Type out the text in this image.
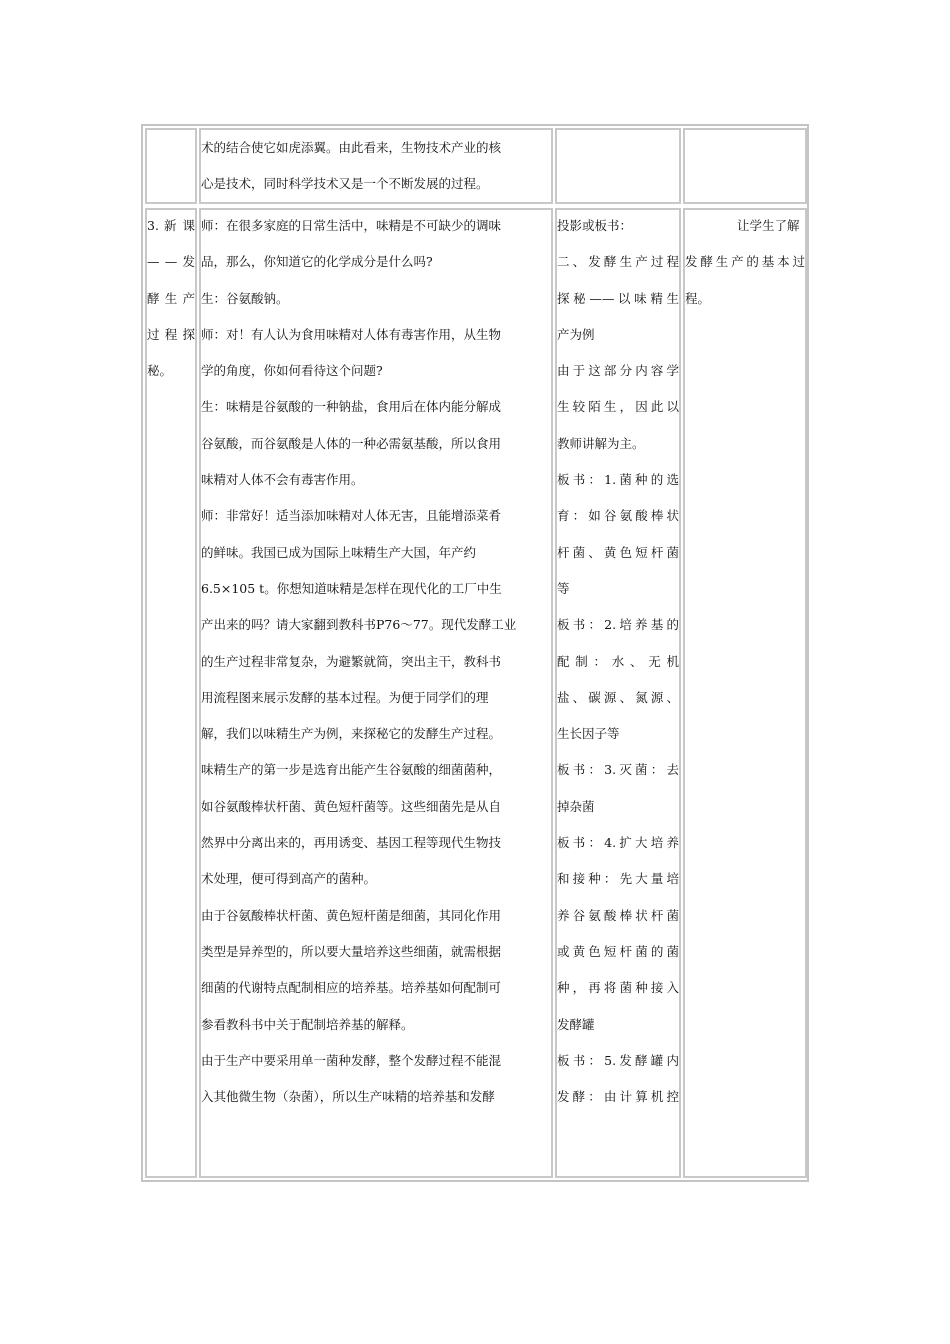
术的结合使它如虎添翼。由此看来，生物技术产业的核

心是技术，同时科学技术又是一个不断发展的过程。

3. 新 课

— — 发

酵 生 产

过 程 探

秘。

师：在很多家庭的日常生活中，味精是不可缺少的调味

品，那么，你知道它的化学成分是什么吗?

生：谷氨酸钠。

师：对！有人认为食用味精对人体有毒害作用，从生物

学的角度，你如何看待这个问题?

生：味精是谷氨酸的一种钠盐，食用后在体内能分解成

谷氨酸，而谷氨酸是人体的一种必需氨基酸，所以食用

味精对人体不会有毒害作用。

师：非常好！适当添加味精对人体无害，且能增添菜肴

的鲜味。我国已成为国际上味精生产大国，年产约

6.5×105 t。你想知道味精是怎样在现代化的工厂中生

产出来的吗？请大家翻到教科书P76～77。现代发酵工业

的生产过程非常复杂，为避繁就简，突出主干，教科书

用流程图来展示发酵的基本过程。为便于同学们的理

解，我们以味精生产为例，来探秘它的发酵生产过程。

味精生产的第一步是选育出能产生谷氨酸的细菌菌种，

如谷氨酸棒状杆菌、黄色短杆菌等。这些细菌先是从自

然界中分离出来的，再用诱变、基因工程等现代生物技

术处理，便可得到高产的菌种。

由于谷氨酸棒状杆菌、黄色短杆菌是细菌，其同化作用

类型是异养型的，所以要大量培养这些细菌，就需根据

细菌的代谢特点配制相应的培养基。培养基如何配制可

参看教科书中关于配制培养基的解释。

由于生产中要采用单一菌种发酵，整个发酵过程不能混

入其他微生物（杂菌），所以生产味精的培养基和发酵

投影或板书：

二、发酵生产过程

探秘——以味精生

产为例

由于这部分内容学

生较陌生，因此以

教师讲解为主。

板书：1.菌种的选

育：如谷氨酸棒状

杆菌、黄色短杆菌

等

板书：2.培养基的

配 制 ： 水 、 无 机

盐、碳源、氮源、

生长因子等

板书：3.灭菌：去

掉杂菌

板书：4.扩大培养

和接种：先大量培

养谷氨酸棒状杆菌

或黄色短杆菌的菌

种，再将菌种接入

发酵罐

板书：5.发酵罐内

发酵：由计算机控

让学生了解

发酵生产的基本过

程。
